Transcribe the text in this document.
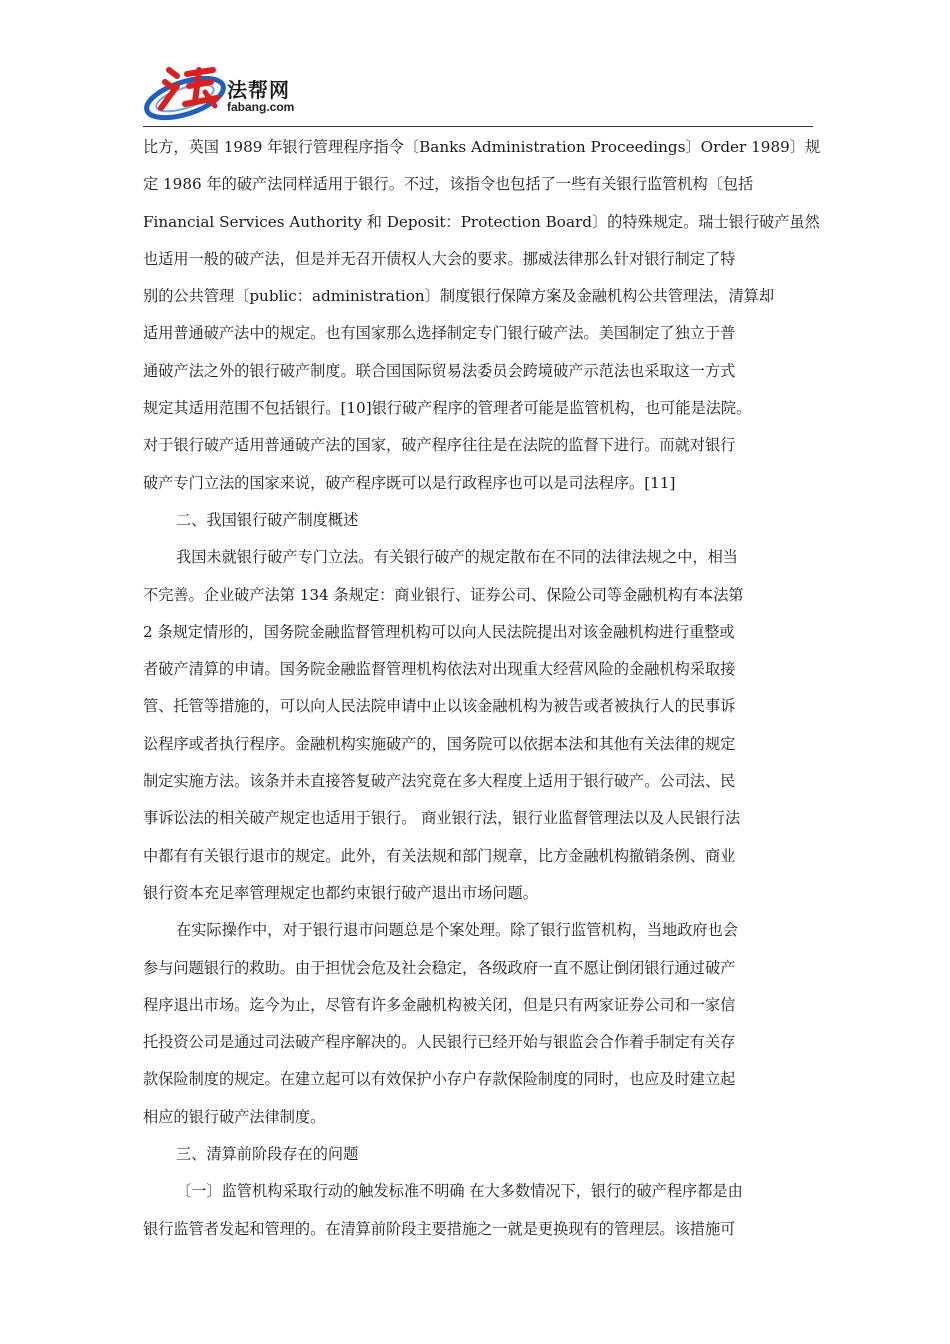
法帮网
fabang.com

比方，英国 1989 年银行管理程序指令〔Banks Administration Proceedings〕Order 1989〕规
定 1986 年的破产法同样适用于银行。不过，该指令也包括了一些有关银行监管机构〔包括
Financial Services Authority 和 Deposit：Protection Board〕的特殊规定。瑞士银行破产虽然
也适用一般的破产法，但是并无召开债权人大会的要求。挪威法律那么针对银行制定了特
别的公共管理〔public：administration〕制度银行保障方案及金融机构公共管理法，清算却
适用普通破产法中的规定。也有国家那么选择制定专门银行破产法。美国制定了独立于普
通破产法之外的银行破产制度。联合国国际贸易法委员会跨境破产示范法也采取这一方式
规定其适用范围不包括银行。[10]银行破产程序的管理者可能是监管机构，也可能是法院。
对于银行破产适用普通破产法的国家，破产程序往往是在法院的监督下进行。而就对银行
破产专门立法的国家来说，破产程序既可以是行政程序也可以是司法程序。[11]

二、我国银行破产制度概述

我国未就银行破产专门立法。有关银行破产的规定散布在不同的法律法规之中，相当
不完善。企业破产法第 134 条规定：商业银行、证券公司、保险公司等金融机构有本法第
2 条规定情形的，国务院金融监督管理机构可以向人民法院提出对该金融机构进行重整或
者破产清算的申请。国务院金融监督管理机构依法对出现重大经营风险的金融机构采取接
管、托管等措施的，可以向人民法院申请中止以该金融机构为被告或者被执行人的民事诉
讼程序或者执行程序。金融机构实施破产的，国务院可以依据本法和其他有关法律的规定
制定实施方法。该条并未直接答复破产法究竟在多大程度上适用于银行破产。公司法、民
事诉讼法的相关破产规定也适用于银行。 商业银行法，银行业监督管理法以及人民银行法
中都有有关银行退市的规定。此外，有关法规和部门规章，比方金融机构撤销条例、商业
银行资本充足率管理规定也都约束银行破产退出市场问题。

在实际操作中，对于银行退市问题总是个案处理。除了银行监管机构，当地政府也会
参与问题银行的救助。由于担忧会危及社会稳定，各级政府一直不愿让倒闭银行通过破产
程序退出市场。迄今为止，尽管有许多金融机构被关闭，但是只有两家证券公司和一家信
托投资公司是通过司法破产程序解决的。人民银行已经开始与银监会合作着手制定有关存
款保险制度的规定。在建立起可以有效保护小存户存款保险制度的同时，也应及时建立起
相应的银行破产法律制度。

三、清算前阶段存在的问题

〔一〕监管机构采取行动的触发标准不明确 在大多数情况下，银行的破产程序都是由
银行监管者发起和管理的。在清算前阶段主要措施之一就是更换现有的管理层。该措施可
